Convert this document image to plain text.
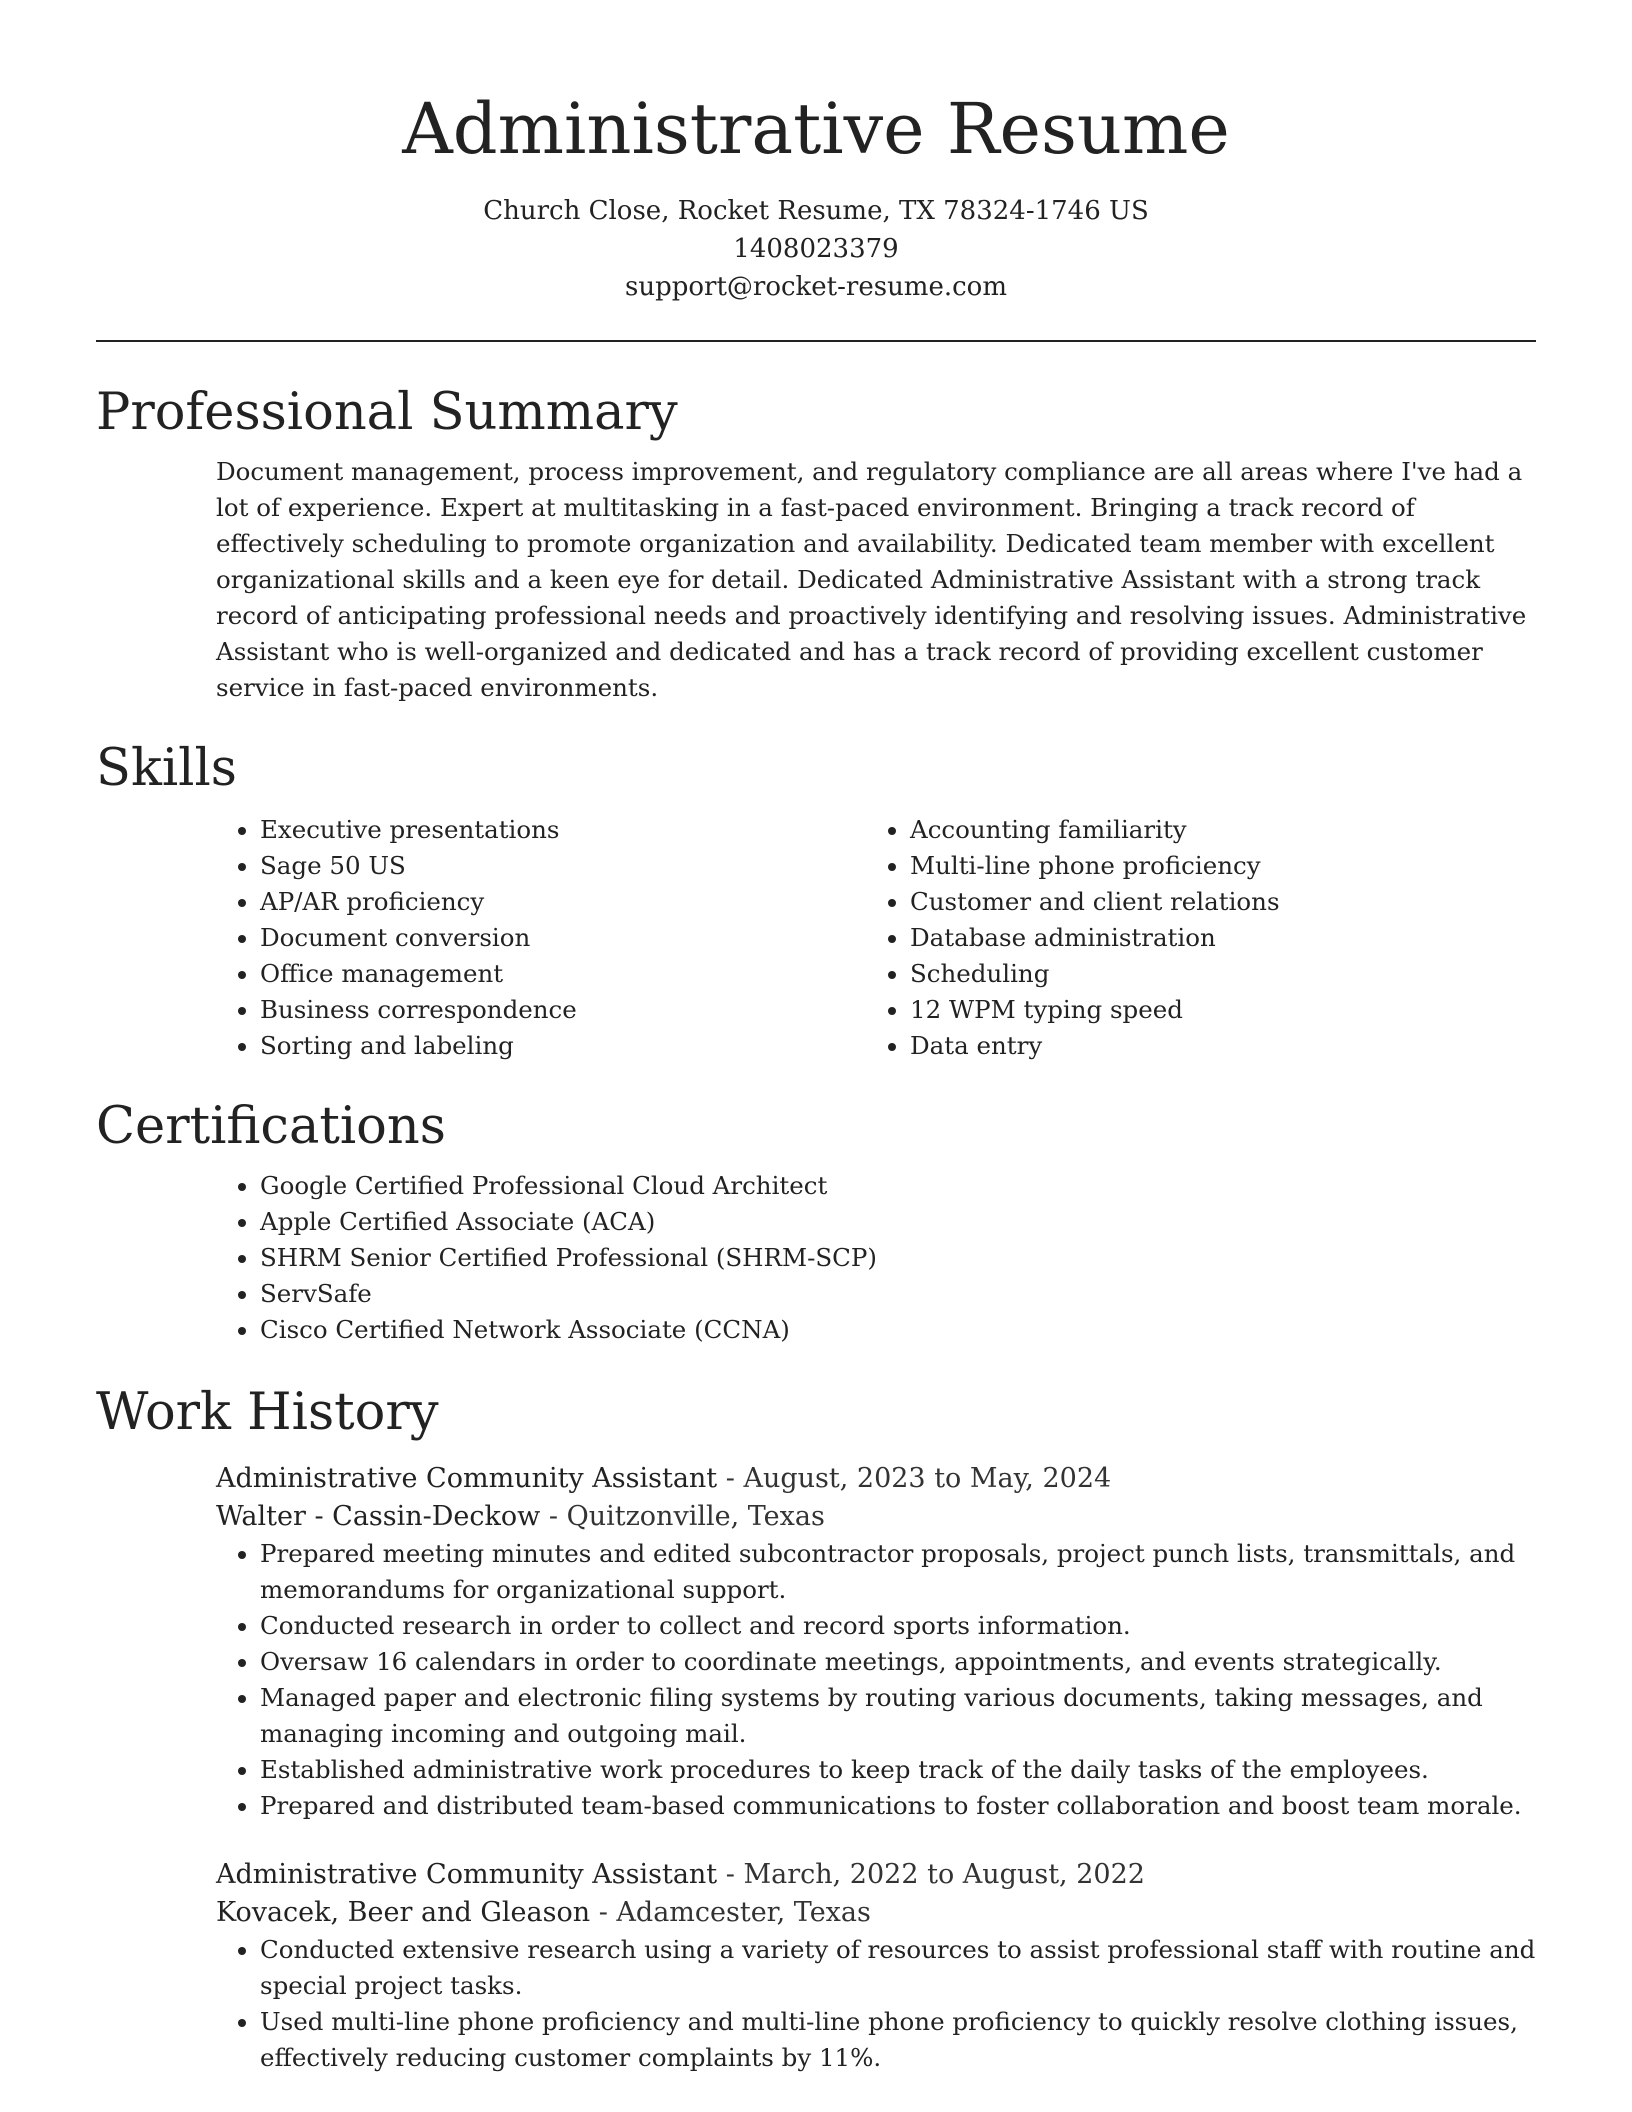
Administrative Resume
Church Close, Rocket Resume, TX 78324-1746 US
1408023379
support@rocket-resume.com
Professional Summary

Document management, process improvement, and regulatory compliance are all areas where I've had a lot of experience. Expert at multitasking in a fast-paced environment. Bringing a track record of effectively scheduling to promote organization and availability. Dedicated team member with excellent organizational skills and a keen eye for detail. Dedicated Administrative Assistant with a strong track record of anticipating professional needs and proactively identifying and resolving issues. Administrative Assistant who is well-organized and dedicated and has a track record of providing excellent customer service in fast-paced environments.

Skills
• Executive presentations
• Sage 50 US
• AP/AR proficiency
• Document conversion
• Office management
• Business correspondence
• Sorting and labeling
• Accounting familiarity
• Multi-line phone proficiency
• Customer and client relations
• Database administration
• Scheduling
• 12 WPM typing speed
• Data entry
Certifications
• Google Certified Professional Cloud Architect
• Apple Certified Associate (ACA)
• SHRM Senior Certified Professional (SHRM-SCP)
• ServSafe
• Cisco Certified Network Associate (CCNA)
Work History

Administrative Community Assistant - August, 2023 to May, 2024

Walter - Cassin-Deckow - Quitzonville, Texas

• Prepared meeting minutes and edited subcontractor proposals, project punch lists, transmittals, and memorandums for organizational support.
• Conducted research in order to collect and record sports information.
• Oversaw 16 calendars in order to coordinate meetings, appointments, and events strategically.
• Managed paper and electronic filing systems by routing various documents, taking messages, and managing incoming and outgoing mail.
• Established administrative work procedures to keep track of the daily tasks of the employees.
• Prepared and distributed team-based communications to foster collaboration and boost team morale.

Administrative Community Assistant - March, 2022 to August, 2022

Kovacek, Beer and Gleason - Adamcester, Texas

• Conducted extensive research using a variety of resources to assist professional staff with routine and special project tasks.
• Used multi-line phone proficiency and multi-line phone proficiency to quickly resolve clothing issues, effectively reducing customer complaints by 11%.
